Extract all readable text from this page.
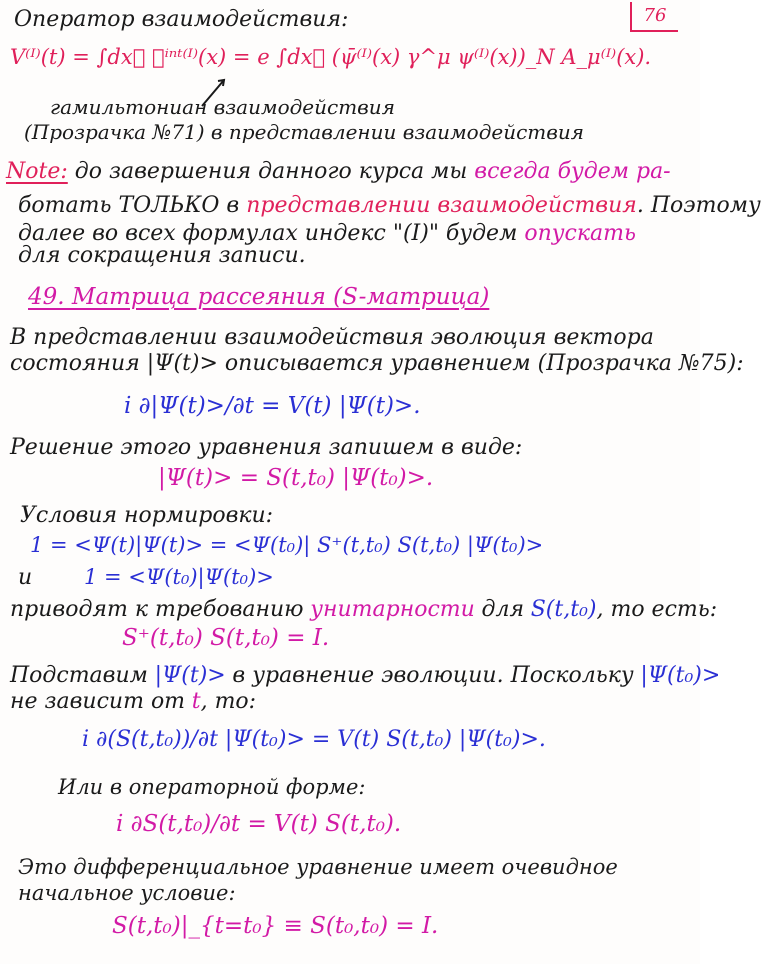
76
Оператор взаимодействия:
V⁽ᴵ⁾(t) = ∫dx⃗ 𝒴ⁱⁿᵗ⁽ᴵ⁾(x) = e ∫dx⃗ (ψ̄⁽ᴵ⁾(x) γ^μ ψ⁽ᴵ⁾(x))_N A_μ⁽ᴵ⁾(x).
гамильтониан взаимодействия
(Прозрачка №71) в представлении взаимодействия
Note: до завершения данного курса мы всегда будем ра-
ботать ТОЛЬКО в представлении взаимодействия. Поэтому
далее во всех формулах индекс "(I)" будем опускать
для сокращения записи.
49. Матрица рассеяния (S-матрица)
В представлении взаимодействия эволюция вектора
состояния |Ψ(t)> описывается уравнением (Прозрачка №75):
i ∂|Ψ(t)>/∂t = V(t) |Ψ(t)>.
Решение этого уравнения запишем в виде:
|Ψ(t)> = S(t,t₀) |Ψ(t₀)>.
Условия нормировки:
1 = <Ψ(t)|Ψ(t)> = <Ψ(t₀)| S⁺(t,t₀) S(t,t₀) |Ψ(t₀)>
и 1 = <Ψ(t₀)|Ψ(t₀)>
приводят к требованию унитарности для S(t,t₀), то есть:
S⁺(t,t₀) S(t,t₀) = I.
Подставим |Ψ(t)> в уравнение эволюции. Поскольку |Ψ(t₀)>
не зависит от t, то:
i ∂(S(t,t₀))/∂t |Ψ(t₀)> = V(t) S(t,t₀) |Ψ(t₀)>.
Или в операторной форме:
i ∂S(t,t₀)/∂t = V(t) S(t,t₀).
Это дифференциальное уравнение имеет очевидное
начальное условие:
S(t,t₀)|_{t=t₀} ≡ S(t₀,t₀) = I.
